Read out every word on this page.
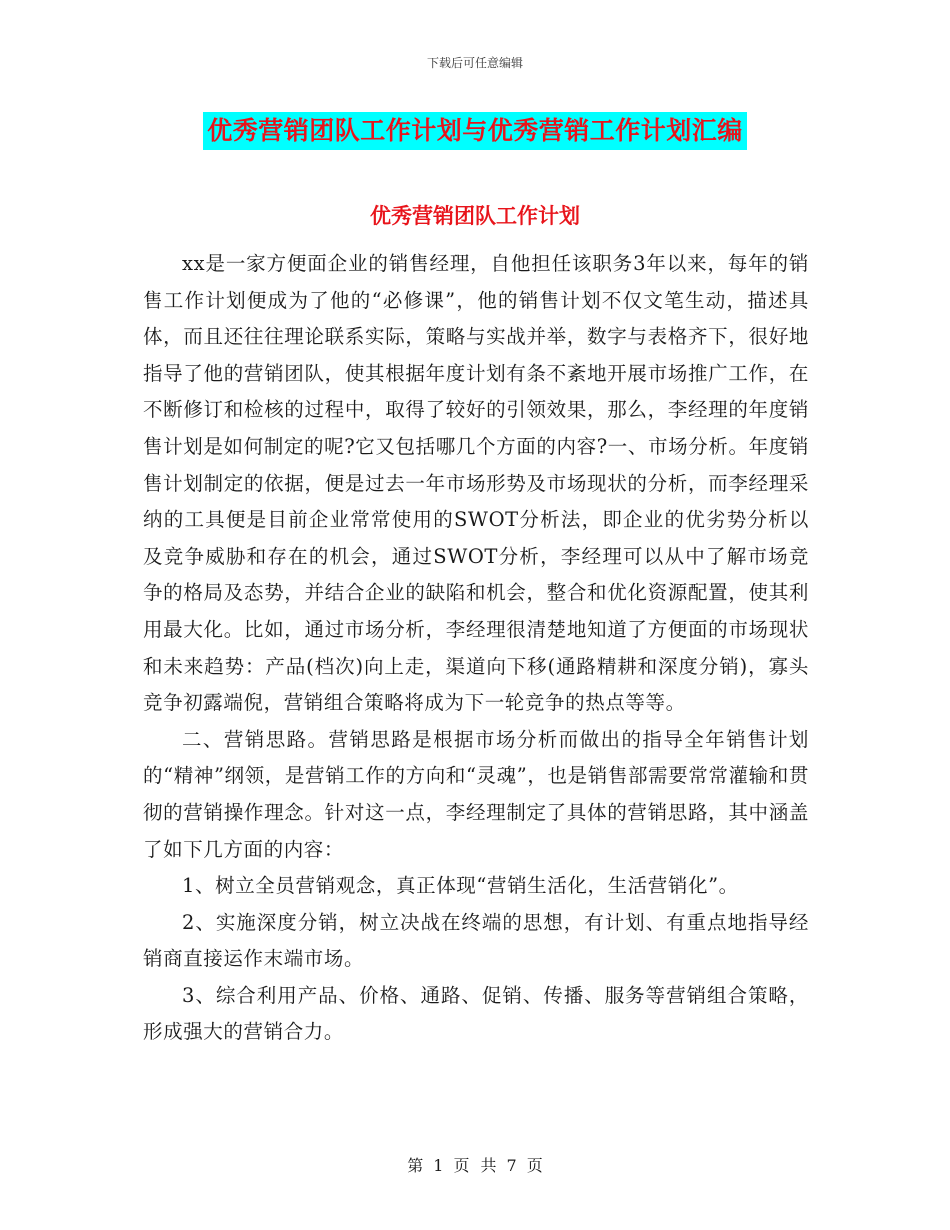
下载后可任意编辑
优秀营销团队工作计划与优秀营销工作计划汇编
优秀营销团队工作计划

xx是一家方便面企业的销售经理，自他担任该职务3年以来，每年的销售工作计划便成为了他的“必修课”，他的销售计划不仅文笔生动，描述具体，而且还往往理论联系实际，策略与实战并举，数字与表格齐下，很好地指导了他的营销团队，使其根据年度计划有条不紊地开展市场推广工作，在不断修订和检核的过程中，取得了较好的引领效果，那么，李经理的年度销售计划是如何制定的呢?它又包括哪几个方面的内容?一、市场分析。年度销售计划制定的依据，便是过去一年市场形势及市场现状的分析，而李经理采纳的工具便是目前企业常常使用的SWOT分析法，即企业的优劣势分析以及竞争威胁和存在的机会，通过SWOT分析，李经理可以从中了解市场竞争的格局及态势，并结合企业的缺陷和机会，整合和优化资源配置，使其利用最大化。比如，通过市场分析，李经理很清楚地知道了方便面的市场现状和未来趋势：产品(档次)向上走，渠道向下移(通路精耕和深度分销)，寡头竞争初露端倪，营销组合策略将成为下一轮竞争的热点等等。

二、营销思路。营销思路是根据市场分析而做出的指导全年销售计划的“精神”纲领，是营销工作的方向和“灵魂”，也是销售部需要常常灌输和贯彻的营销操作理念。针对这一点，李经理制定了具体的营销思路，其中涵盖了如下几方面的内容：

1、树立全员营销观念，真正体现“营销生活化，生活营销化”。

2、实施深度分销，树立决战在终端的思想，有计划、有重点地指导经销商直接运作末端市场。

3、综合利用产品、价格、通路、促销、传播、服务等营销组合策略，形成强大的营销合力。

第 1 页 共 7 页
